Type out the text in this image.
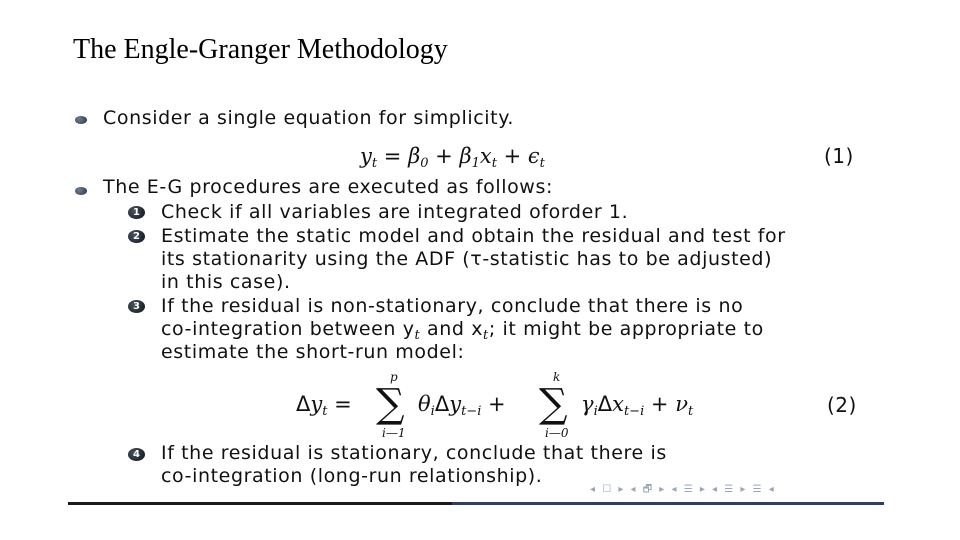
The Engle-Granger Methodology
Consider a single equation for simplicity.
$y_t = \beta_0 + \beta_1x_t + \epsilon_t$	(1)
The E-G procedures are executed as follows:
1 Check if all variables are integrated oforder 1.
2 Estimate the static model and obtain the residual and test for
its stationarity using the ADF (τ-statistic has to be adjusted)
in this case).
3 If the residual is non-stationary, conclude that there is no
co-integration between $y_t$ and $x_t$; it might be appropriate to
estimate the short-run model:
$\Delta y_t$ = ∑
p
i—1
$\theta_i\Delta y_{t-i}$ + ∑
k
i—0
$\gamma_i\Delta x_{t-i} + \nu_t$	(2)
4 If the residual is stationary, conclude that there is
co-integration (long-run relationship).
◂ ☐ ▸ ◂ 🗗 ▸ ◂ ☰ ▸ ◂ ☰ ▸ ☰ ◂
